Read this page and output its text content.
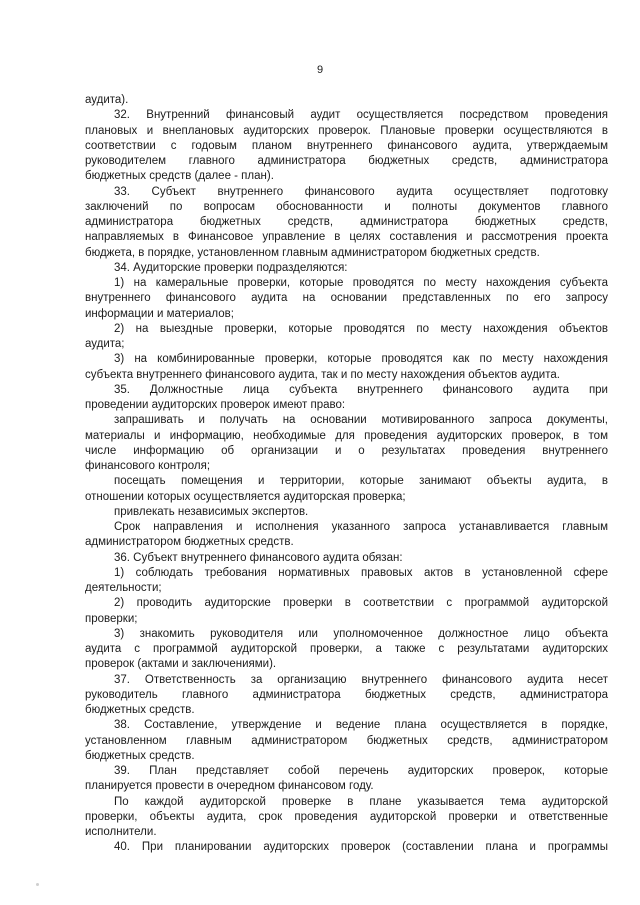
9
аудита).
32. Внутренний финансовый аудит осуществляется посредством проведения
плановых и внеплановых аудиторских проверок. Плановые проверки осуществляются в
соответствии с годовым планом внутреннего финансового аудита, утверждаемым
руководителем главного администратора бюджетных средств, администратора
бюджетных средств (далее - план).
33. Субъект внутреннего финансового аудита осуществляет подготовку
заключений по вопросам обоснованности и полноты документов главного
администратора бюджетных средств, администратора бюджетных средств,
направляемых в Финансовое управление в целях составления и рассмотрения проекта
бюджета, в порядке, установленном главным администратором бюджетных средств.
34. Аудиторские проверки подразделяются:
1) на камеральные проверки, которые проводятся по месту нахождения субъекта
внутреннего финансового аудита на основании представленных по его запросу
информации и материалов;
2) на выездные проверки, которые проводятся по месту нахождения объектов
аудита;
3) на комбинированные проверки, которые проводятся как по месту нахождения
субъекта внутреннего финансового аудита, так и по месту нахождения объектов аудита.
35. Должностные лица субъекта внутреннего финансового аудита при
проведении аудиторских проверок имеют право:
запрашивать и получать на основании мотивированного запроса документы,
материалы и информацию, необходимые для проведения аудиторских проверок, в том
числе информацию об организации и о результатах проведения внутреннего
финансового контроля;
посещать помещения и территории, которые занимают объекты аудита, в
отношении которых осуществляется аудиторская проверка;
привлекать независимых экспертов.
Срок направления и исполнения указанного запроса устанавливается главным
администратором бюджетных средств.
36. Субъект внутреннего финансового аудита обязан:
1) соблюдать требования нормативных правовых актов в установленной сфере
деятельности;
2) проводить аудиторские проверки в соответствии с программой аудиторской
проверки;
3) знакомить руководителя или уполномоченное должностное лицо объекта
аудита с программой аудиторской проверки, а также с результатами аудиторских
проверок (актами и заключениями).
37. Ответственность за организацию внутреннего финансового аудита несет
руководитель главного администратора бюджетных средств, администратора
бюджетных средств.
38. Составление, утверждение и ведение плана осуществляется в порядке,
установленном главным администратором бюджетных средств, администратором
бюджетных средств.
39. План представляет собой перечень аудиторских проверок, которые
планируется провести в очередном финансовом году.
По каждой аудиторской проверке в плане указывается тема аудиторской
проверки, объекты аудита, срок проведения аудиторской проверки и ответственные
исполнители.
40. При планировании аудиторских проверок (составлении плана и программы
